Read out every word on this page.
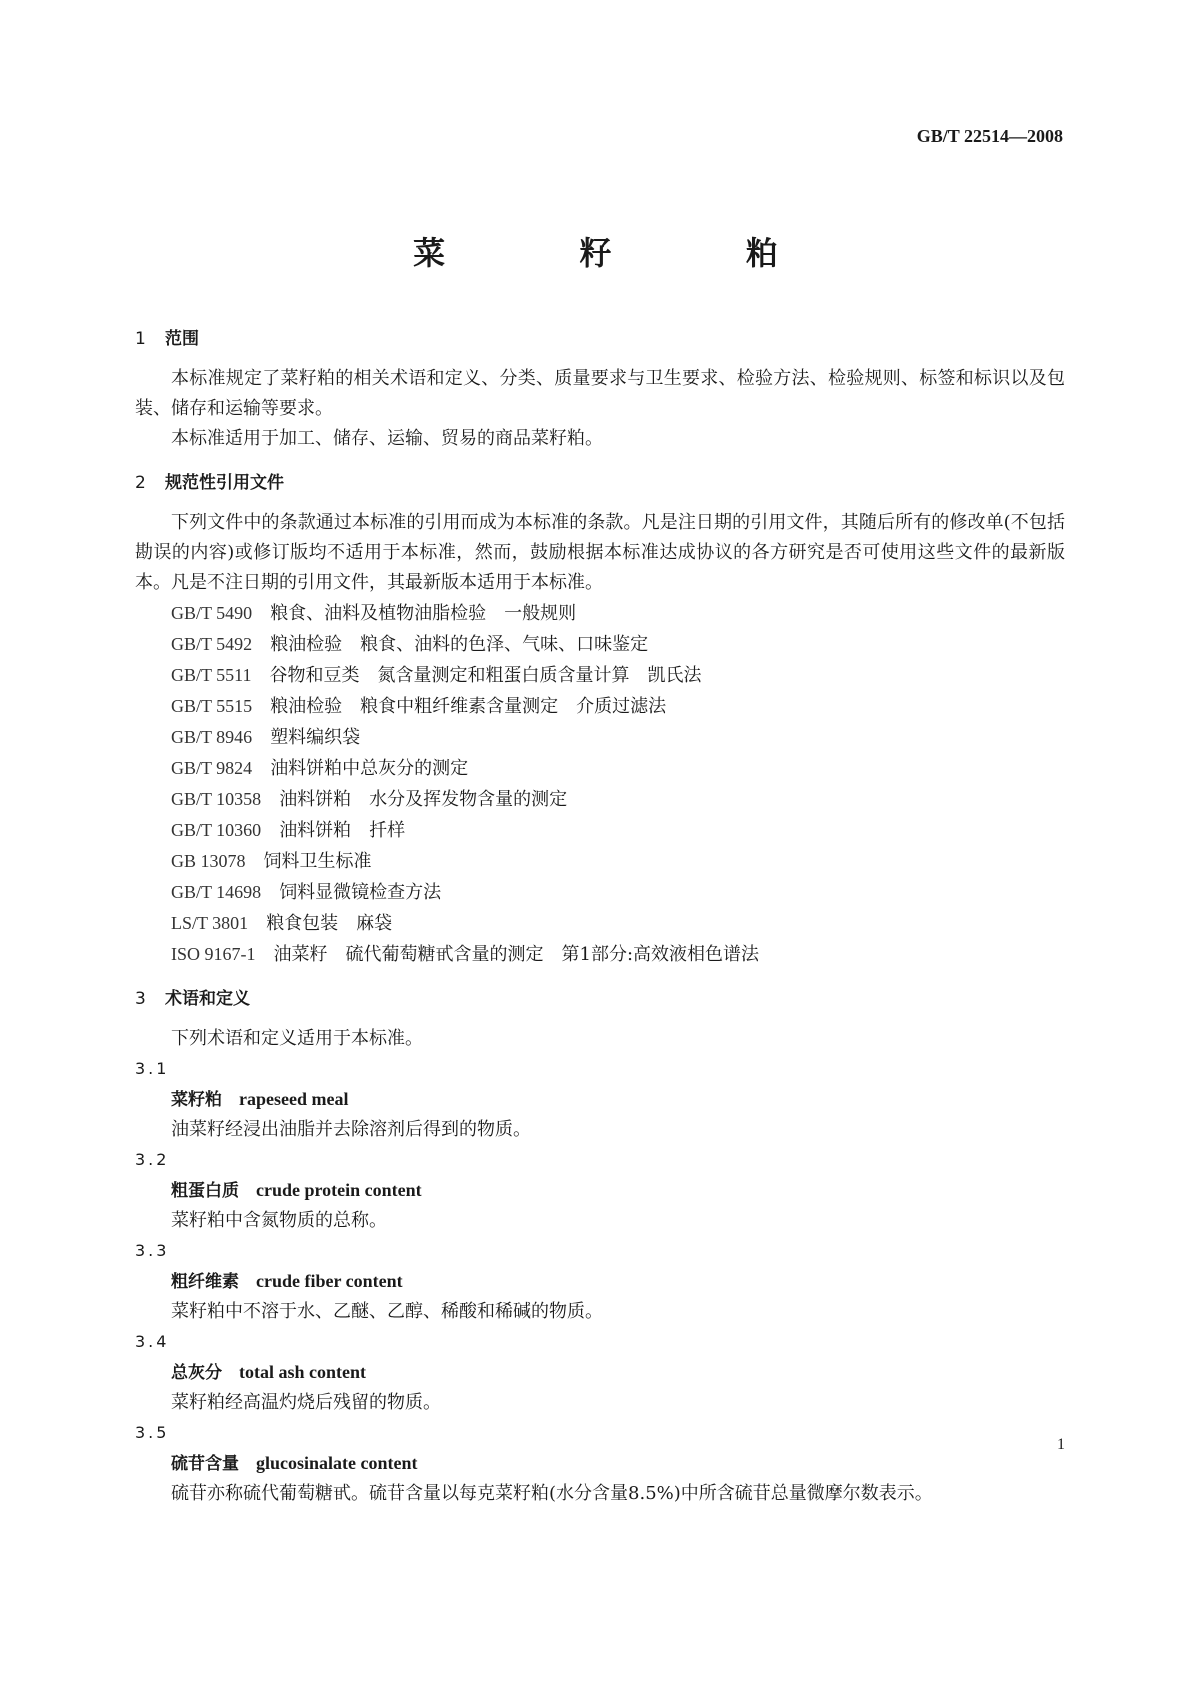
GB/T 22514—2008
菜　籽　粕
1 范围

本标准规定了菜籽粕的相关术语和定义、分类、质量要求与卫生要求、检验方法、检验规则、标签和标识以及包装、储存和运输等要求。

本标准适用于加工、储存、运输、贸易的商品菜籽粕。

2 规范性引用文件

下列文件中的条款通过本标准的引用而成为本标准的条款。凡是注日期的引用文件，其随后所有的修改单(不包括勘误的内容)或修订版均不适用于本标准，然而，鼓励根据本标准达成协议的各方研究是否可使用这些文件的最新版本。凡是不注日期的引用文件，其最新版本适用于本标准。

GB/T 5490 粮食、油料及植物油脂检验　一般规则
GB/T 5492 粮油检验　粮食、油料的色泽、气味、口味鉴定
GB/T 5511 谷物和豆类　氮含量测定和粗蛋白质含量计算　凯氏法
GB/T 5515 粮油检验　粮食中粗纤维素含量测定　介质过滤法
GB/T 8946 塑料编织袋
GB/T 9824 油料饼粕中总灰分的测定
GB/T 10358 油料饼粕　水分及挥发物含量的测定
GB/T 10360 油料饼粕　扦样
GB 13078 饲料卫生标准
GB/T 14698 饲料显微镜检查方法
LS/T 3801 粮食包装　麻袋
ISO 9167-1 油菜籽　硫代葡萄糖甙含量的测定　第1部分:高效液相色谱法
3 术语和定义

下列术语和定义适用于本标准。

3.1

菜籽粕 rapeseed meal

油菜籽经浸出油脂并去除溶剂后得到的物质。

3.2

粗蛋白质 crude protein content

菜籽粕中含氮物质的总称。

3.3

粗纤维素 crude fiber content

菜籽粕中不溶于水、乙醚、乙醇、稀酸和稀碱的物质。

3.4

总灰分 total ash content

菜籽粕经高温灼烧后残留的物质。

3.5

硫苷含量 glucosinalate content

硫苷亦称硫代葡萄糖甙。硫苷含量以每克菜籽粕(水分含量8.5%)中所含硫苷总量微摩尔数表示。

1
